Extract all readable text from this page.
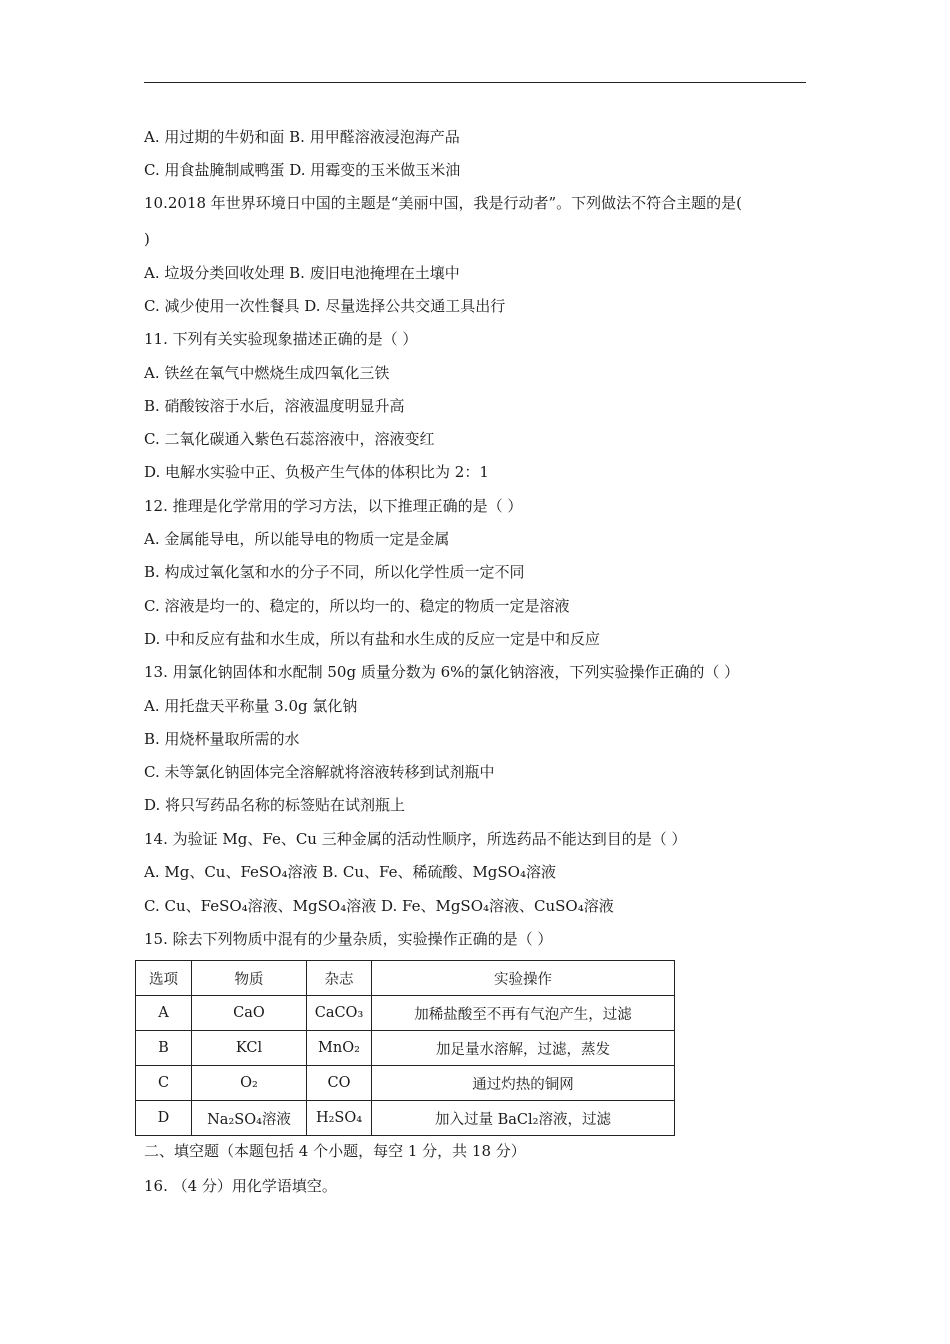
A. 用过期的牛奶和面 B. 用甲醛溶液浸泡海产品
C. 用食盐腌制咸鸭蛋 D. 用霉变的玉米做玉米油
10.2018 年世界环境日中国的主题是“美丽中国，我是行动者”。下列做法不符合主题的是(
)
A. 垃圾分类回收处理 B. 废旧电池掩埋在土壤中
C. 减少使用一次性餐具 D. 尽量选择公共交通工具出行
11. 下列有关实验现象描述正确的是（ ）
A. 铁丝在氧气中燃烧生成四氧化三铁
B. 硝酸铵溶于水后，溶液温度明显升高
C. 二氧化碳通入紫色石蕊溶液中，溶液变红
D. 电解水实验中正、负极产生气体的体积比为 2：1
12. 推理是化学常用的学习方法，以下推理正确的是（ ）
A. 金属能导电，所以能导电的物质一定是金属
B. 构成过氧化氢和水的分子不同，所以化学性质一定不同
C. 溶液是均一的、稳定的，所以均一的、稳定的物质一定是溶液
D. 中和反应有盐和水生成，所以有盐和水生成的反应一定是中和反应
13. 用氯化钠固体和水配制 50g 质量分数为 6%的氯化钠溶液，下列实验操作正确的（ ）
A. 用托盘天平称量 3.0g 氯化钠
B. 用烧杯量取所需的水
C. 未等氯化钠固体完全溶解就将溶液转移到试剂瓶中
D. 将只写药品名称的标签贴在试剂瓶上
14. 为验证 Mg、Fe、Cu 三种金属的活动性顺序，所选药品不能达到目的是（ ）
A. Mg、Cu、FeSO₄溶液 B. Cu、Fe、稀硫酸、MgSO₄溶液
C. Cu、FeSO₄溶液、MgSO₄溶液 D. Fe、MgSO₄溶液、CuSO₄溶液
15. 除去下列物质中混有的少量杂质，实验操作正确的是（ ）
选项	物质	杂志	实验操作
A	CaO	CaCO₃	加稀盐酸至不再有气泡产生，过滤
B	KCl	MnO₂	加足量水溶解，过滤，蒸发
C	O₂	CO	通过灼热的铜网
D	Na₂SO₄溶液	H₂SO₄	加入过量 BaCl₂溶液，过滤
二、填空题（本题包括 4 个小题，每空 1 分，共 18 分）
16. （4 分）用化学语填空。
